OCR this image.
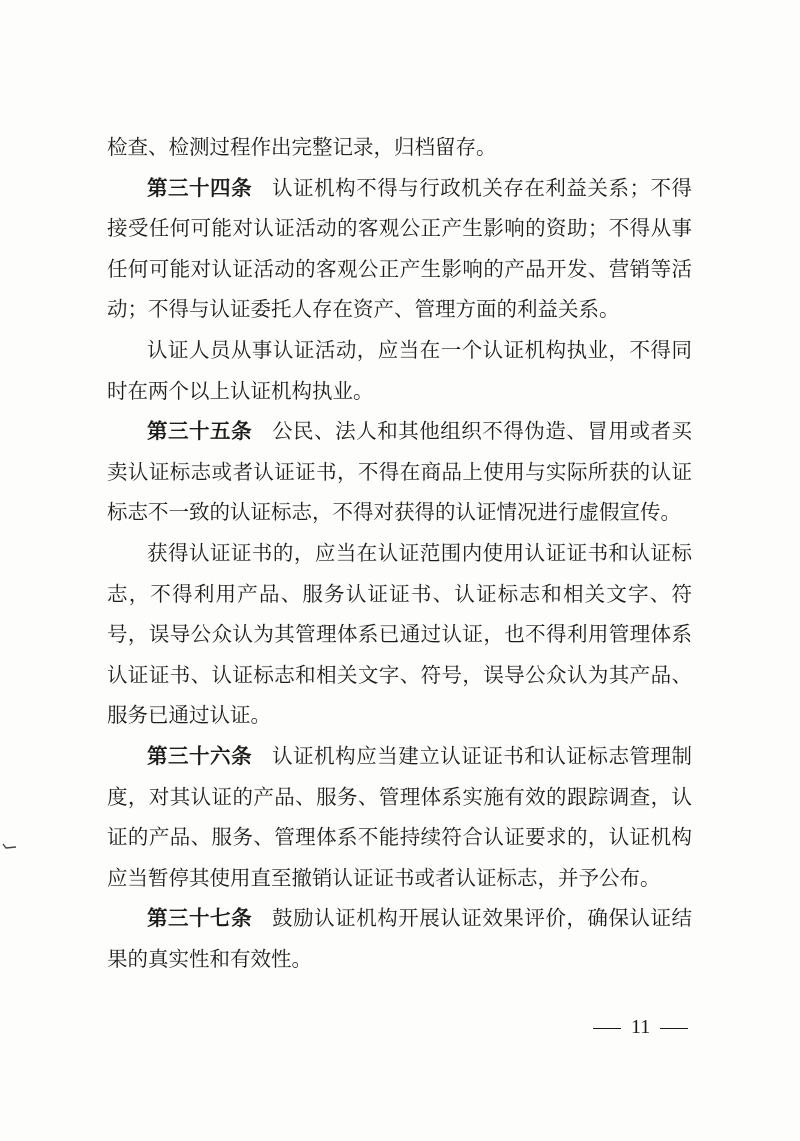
检查、检测过程作出完整记录，归档留存。
第三十四条 认证机构不得与行政机关存在利益关系；不得
接受任何可能对认证活动的客观公正产生影响的资助；不得从事
任何可能对认证活动的客观公正产生影响的产品开发、营销等活
动；不得与认证委托人存在资产、管理方面的利益关系。
认证人员从事认证活动，应当在一个认证机构执业，不得同
时在两个以上认证机构执业。
第三十五条 公民、法人和其他组织不得伪造、冒用或者买
卖认证标志或者认证证书，不得在商品上使用与实际所获的认证
标志不一致的认证标志，不得对获得的认证情况进行虚假宣传。
获得认证证书的，应当在认证范围内使用认证证书和认证标
志，不得利用产品、服务认证证书、认证标志和相关文字、符
号，误导公众认为其管理体系已通过认证，也不得利用管理体系
认证证书、认证标志和相关文字、符号，误导公众认为其产品、
服务已通过认证。
第三十六条 认证机构应当建立认证证书和认证标志管理制
度，对其认证的产品、服务、管理体系实施有效的跟踪调查，认
证的产品、服务、管理体系不能持续符合认证要求的，认证机构
应当暂停其使用直至撤销认证证书或者认证标志，并予公布。
第三十七条 鼓励认证机构开展认证效果评价，确保认证结
果的真实性和有效性。
11
